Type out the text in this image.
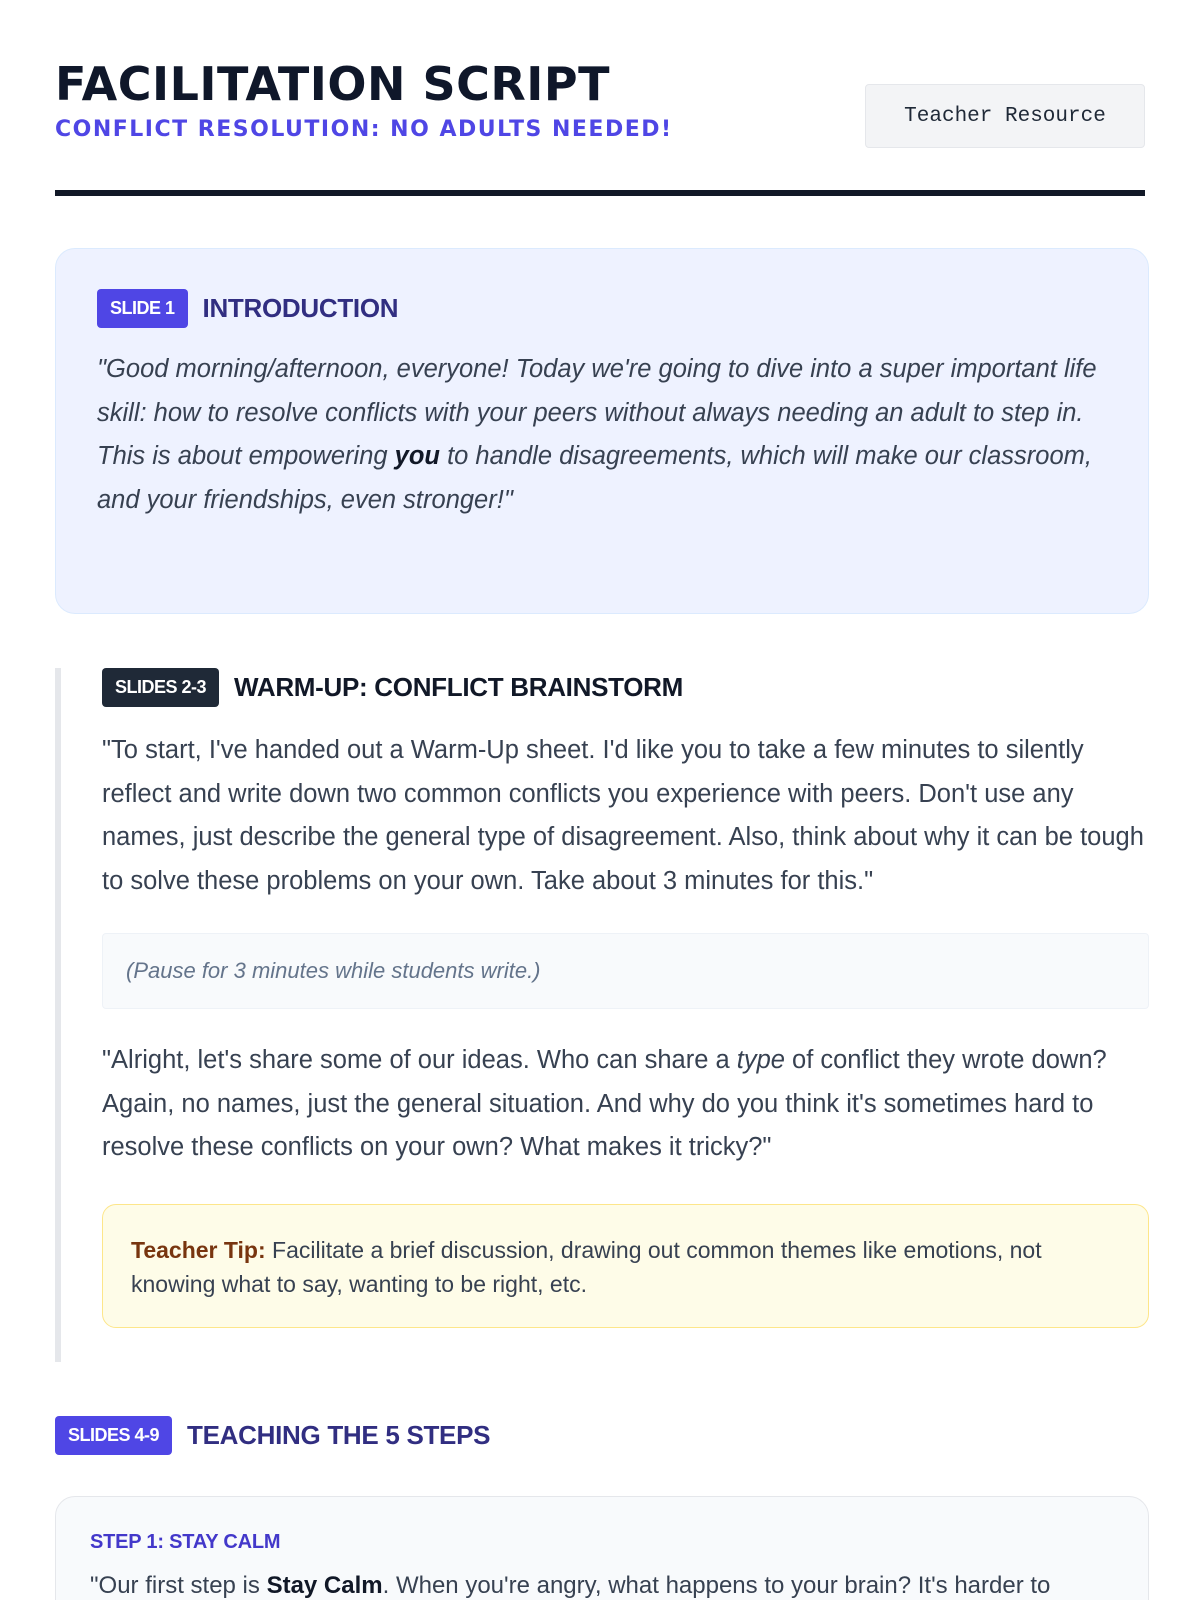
FACILITATION SCRIPT
CONFLICT RESOLUTION: NO ADULTS NEEDED!
Teacher Resource
SLIDE 1	INTRODUCTION

"Good morning/afternoon, everyone! Today we're going to dive into a super important life skill: how to resolve conflicts with your peers without always needing an adult to step in. This is about empowering you to handle disagreements, which will make our classroom, and your friendships, even stronger!"

SLIDES 2-3	WARM-UP: CONFLICT BRAINSTORM

"To start, I've handed out a Warm-Up sheet. I'd like you to take a few minutes to silently reflect and write down two common conflicts you experience with peers. Don't use any names, just describe the general type of disagreement. Also, think about why it can be tough to solve these problems on your own. Take about 3 minutes for this."

(Pause for 3 minutes while students write.)

"Alright, let's share some of our ideas. Who can share a type of conflict they wrote down? Again, no names, just the general situation. And why do you think it's sometimes hard to resolve these conflicts on your own? What makes it tricky?"

Teacher Tip: Facilitate a brief discussion, drawing out common themes like emotions, not knowing what to say, wanting to be right, etc.
SLIDES 4-9	TEACHING THE 5 STEPS
STEP 1: STAY CALM

"Our first step is Stay Calm. When you're angry, what happens to your brain? It's harder to
